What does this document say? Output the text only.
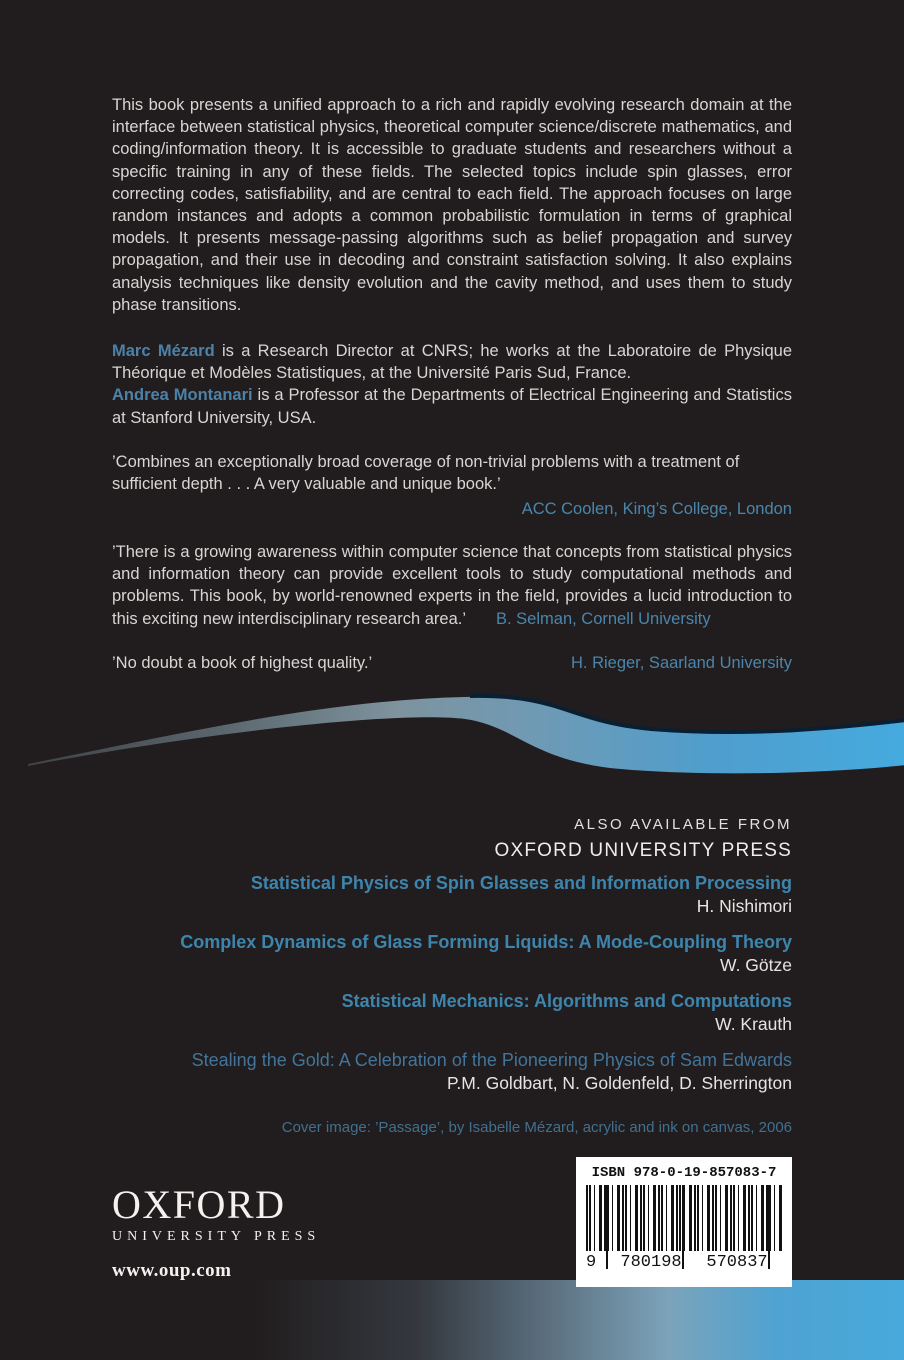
This book presents a unified approach to a rich and rapidly evolving research domain at the interface between statistical physics, theoretical computer science/discrete mathematics, and coding/information theory. It is accessible to graduate students and researchers without a specific training in any of these fields. The selected topics include spin glasses, error correcting codes, satisfiability, and are central to each field. The approach focuses on large random instances and adopts a common probabilistic formulation in terms of graphical models. It presents message-passing algorithms such as belief propagation and survey propagation, and their use in decoding and constraint satisfaction solving. It also explains analysis techniques like density evolution and the cavity method, and uses them to study phase transitions.

Marc Mézard is a Research Director at CNRS; he works at the Laboratoire de Physique Théorique et Modèles Statistiques, at the Université Paris Sud, France.

Andrea Montanari is a Professor at the Departments of Electrical Engineering and Statistics at Stanford University, USA.

’Combines an exceptionally broad coverage of non-trivial problems with a treatment of sufficient depth . . . A very valuable and unique book.’
ACC Coolen, King’s College, London
’There is a growing awareness within computer science that concepts from statistical physics and information theory can provide excellent tools to study computational methods and problems. This book, by world-renowned experts in the field, provides a lucid introduction to this exciting new interdisciplinary research area.’ B. Selman, Cornell University
’No doubt a book of highest quality.’	H. Rieger, Saarland University
ALSO AVAILABLE FROM
OXFORD UNIVERSITY PRESS
Statistical Physics of Spin Glasses and Information Processing
H. Nishimori
Complex Dynamics of Glass Forming Liquids: A Mode-Coupling Theory
W. Götze
Statistical Mechanics: Algorithms and Computations
W. Krauth
Stealing the Gold: A Celebration of the Pioneering Physics of Sam Edwards
P.M. Goldbart, N. Goldenfeld, D. Sherrington
Cover image: ’Passage’, by Isabelle Mézard, acrylic and ink on canvas, 2006
OXFORD
UNIVERSITY PRESS
www.oup.com
ISBN 978-0-19-857083-7
9	780198	570837
